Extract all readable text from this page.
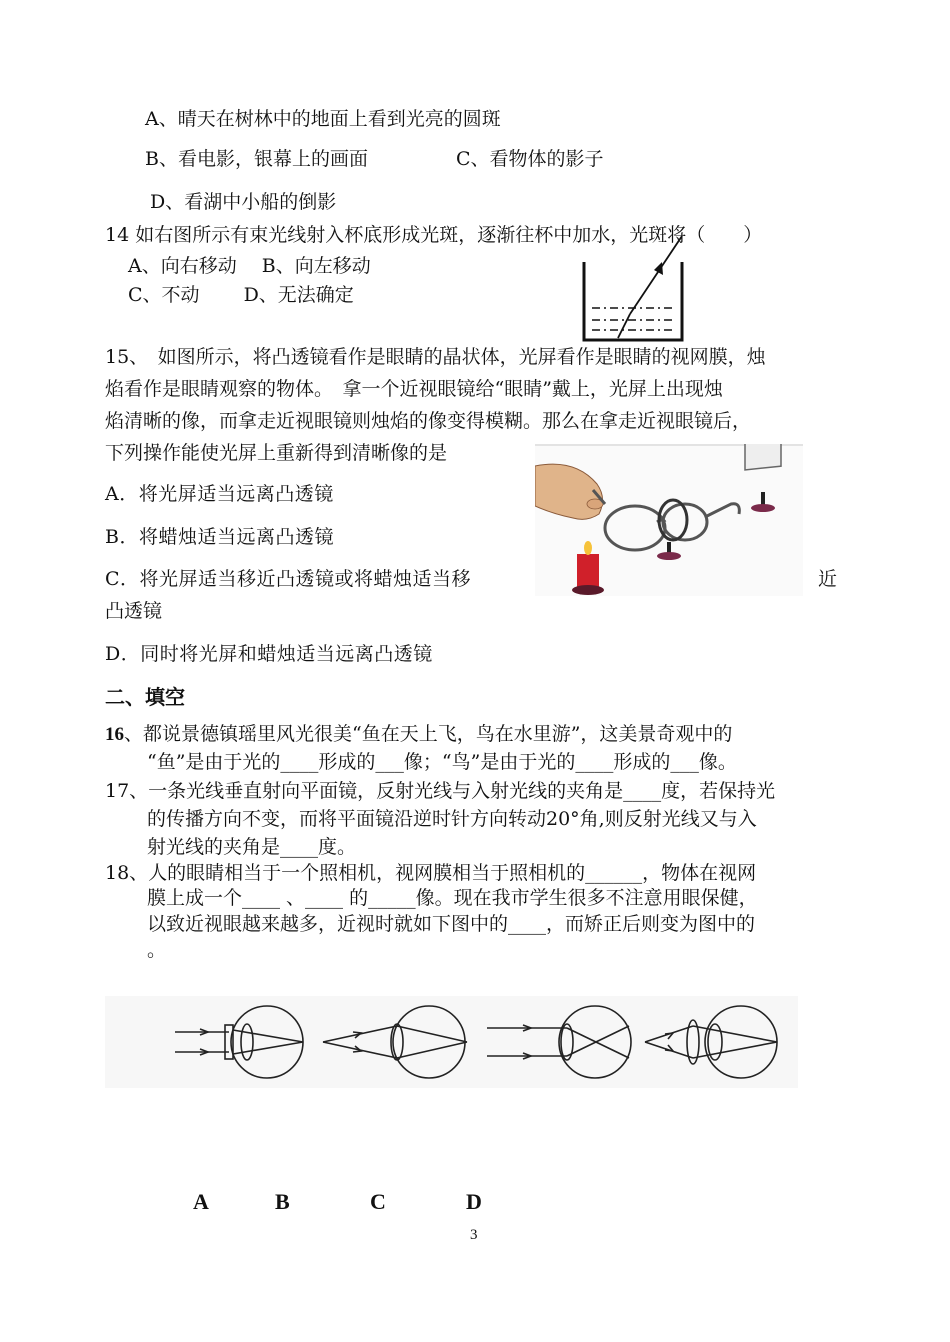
A、晴天在树林中的地面上看到光亮的圆斑
B、看电影，银幕上的画面	C、看物体的影子
D、看湖中小船的倒影
14 如右图所示有束光线射入杯底形成光斑，逐渐往杯中加水，光斑将（　　）
A、向右移动　 B、向左移动
C、不动　　 D、无法确定
15、　如图所示，将凸透镜看作是眼睛的晶状体，光屏看作是眼睛的视网膜，烛
焰看作是眼睛观察的物体。　拿一个近视眼镜给“眼睛”戴上，光屏上出现烛
焰清晰的像，而拿走近视眼镜则烛焰的像变得模糊。那么在拿走近视眼镜后，
下列操作能使光屏上重新得到清晰像的是
A．将光屏适当远离凸透镜
B．将蜡烛适当远离凸透镜
C．将光屏适当移近凸透镜或将蜡烛适当移	近
凸透镜
D．同时将光屏和蜡烛适当远离凸透镜
二、填空
16、都说景德镇瑶里风光很美“鱼在天上飞，鸟在水里游”，这美景奇观中的
“鱼”是由于光的____形成的___像；“鸟”是由于光的____形成的___像。
17、一条光线垂直射向平面镜，反射光线与入射光线的夹角是____度，若保持光
的传播方向不变，而将平面镜沿逆时针方向转动20°角,则反射光线又与入
射光线的夹角是____度。
18、人的眼睛相当于一个照相机，视网膜相当于照相机的______，物体在视网
膜上成一个____ 、____ 的_____像。现在我市学生很多不注意用眼保健，
以致近视眼越来越多，近视时就如下图中的____，而矫正后则变为图中的
。
A	B	C	D
3
